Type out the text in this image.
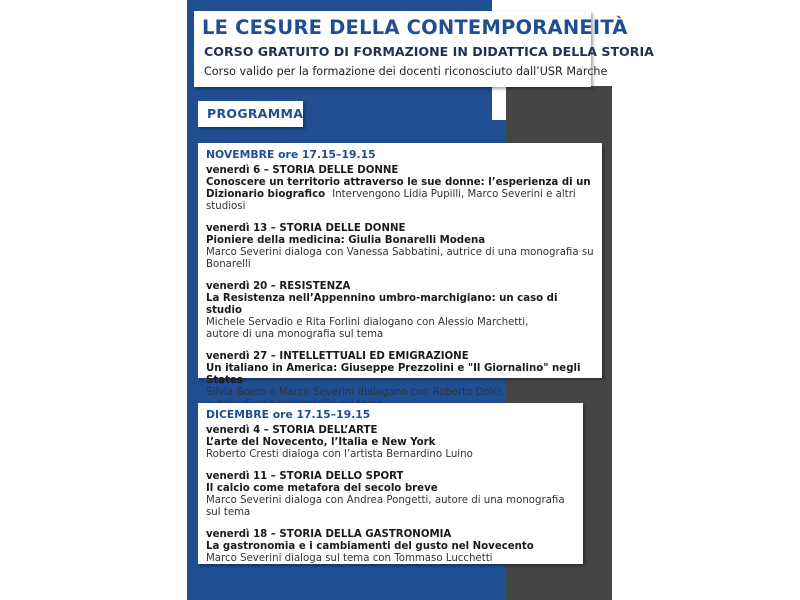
LE CESURE DELLA CONTEMPORANEITÀ
CORSO GRATUITO DI FORMAZIONE IN DIDATTICA DELLA STORIA

Corso valido per la formazione dei docenti riconosciuto dall’USR Marche

PROGRAMMA
NOVEMBRE ore 17.15–19.15
venerdì 6 – STORIA DELLE DONNE
Conoscere un territorio attraverso le sue donne: l’esperienza di un Dizionario biografico Intervengono Lidia Pupilli, Marco Severini e altri studiosi
venerdì 13 – STORIA DELLE DONNE
Pioniere della medicina: Giulia Bonarelli Modena
Marco Severini dialoga con Vanessa Sabbatini, autrice di una monografia su Bonarelli
venerdì 20 – RESISTENZA
La Resistenza nell’Appennino umbro-marchigiano: un caso di studio
Michele Servadio e Rita Forlini dialogano con Alessio Marchetti,
autore di una monografia sul tema
venerdì 27 – INTELLETTUALI ED EMIGRAZIONE
Un italiano in America: Giuseppe Prezzolini e "Il Giornalino" negli States
Silvia Boero e Marco Severini dialogano con Roberto Dolci,
DICEMBRE ore 17.15–19.15
venerdì 4 – STORIA DELL’ARTE
L’arte del Novecento, l’Italia e New York
Roberto Cresti dialoga con l’artista Bernardino Luino
venerdì 11 – STORIA DELLO SPORT
Il calcio come metafora del secolo breve
Marco Severini dialoga con Andrea Pongetti, autore di una monografia sul tema
venerdì 18 – STORIA DELLA GASTRONOMIA
La gastronomia e i cambiamenti del gusto nel Novecento
Marco Severini dialoga sul tema con Tommaso Lucchetti
